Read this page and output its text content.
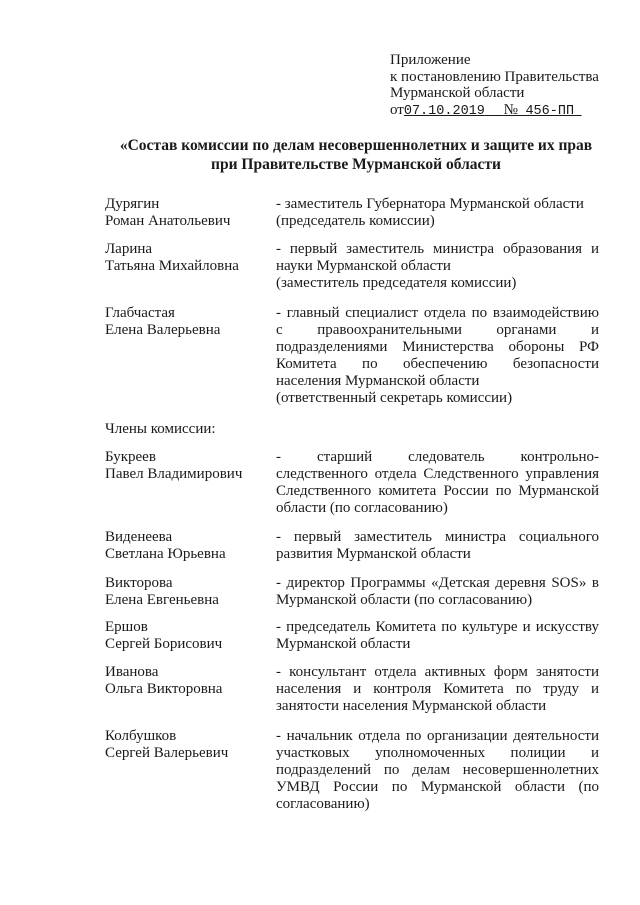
Приложение
к постановлению Правительства
Мурманской области
от07.10.2019 № 456-ПП
«Состав комиссии по делам несовершеннолетних и защите их прав
при Правительстве Мурманской области
Дурягин
Роман Анатольевич
- заместитель Губернатора Мурманской области
(председатель комиссии)
Ларина
Татьяна Михайловна
- первый заместитель министра образования и
науки Мурманской области
(заместитель председателя комиссии)
Глабчастая
Елена Валерьевна
- главный специалист отдела по взаимодействию
с правоохранительными органами и
подразделениями Министерства обороны РФ
Комитета по обеспечению безопасности
населения Мурманской области
(ответственный секретарь комиссии)
Члены комиссии:
Букреев
Павел Владимирович
- старший следователь контрольно-
следственного отдела Следственного управления
Следственного комитета России по Мурманской
области (по согласованию)
Виденеева
Светлана Юрьевна
- первый заместитель министра социального
развития Мурманской области
Викторова
Елена Евгеньевна
- директор Программы «Детская деревня SOS» в
Мурманской области (по согласованию)
Ершов
Сергей Борисович
- председатель Комитета по культуре и искусству
Мурманской области
Иванова
Ольга Викторовна
- консультант отдела активных форм занятости
населения и контроля Комитета по труду и
занятости населения Мурманской области
Колбушков
Сергей Валерьевич
- начальник отдела по организации деятельности
участковых уполномоченных полиции и
подразделений по делам несовершеннолетних
УМВД России по Мурманской области (по
согласованию)
